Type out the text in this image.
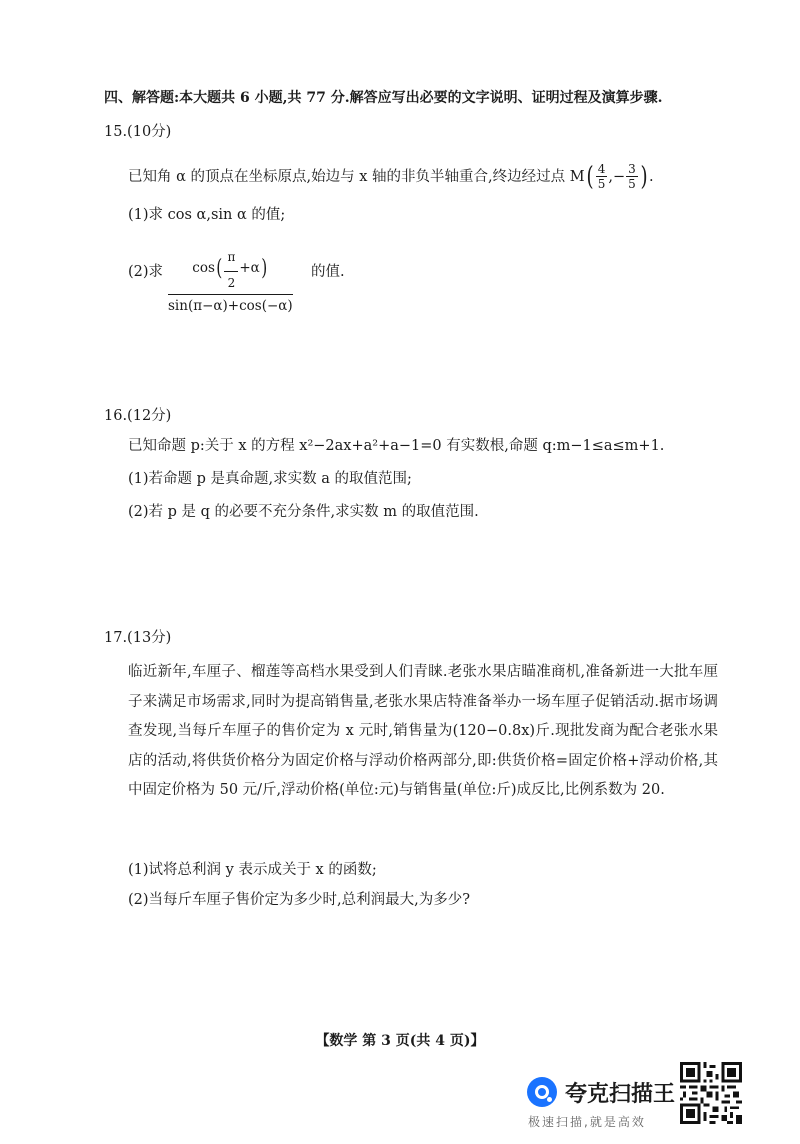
四、解答题:本大题共 6 小题,共 77 分.解答应写出必要的文字说明、证明过程及演算步骤.
15.(10分)
已知角 α 的顶点在坐标原点,始边与 x 轴的非负半轴重合,终边经过点 $M( \frac{4}{5}$ ,− $\frac{3}{5}$ ) .
(1)求 cos α,sin α 的值;
(2)求 $\frac{\cos( \frac{\pi}{2} +\alpha)}{\sin(\pi-\alpha)+\cos(-\alpha)}$ 的值.
16.(12分)
已知命题 p:关于 x 的方程 x²−2ax+a²+a−1=0 有实数根,命题 q:m−1≤a≤m+1.
(1)若命题 p 是真命题,求实数 a 的取值范围;
(2)若 p 是 q 的必要不充分条件,求实数 m 的取值范围.
17.(13分)
临近新年,车厘子、榴莲等高档水果受到人们青睐.老张水果店瞄准商机,准备新进一大批车厘子来满足市场需求,同时为提高销售量,老张水果店特准备举办一场车厘子促销活动.据市场调查发现,当每斤车厘子的售价定为 x 元时,销售量为(120−0.8x)斤.现批发商为配合老张水果店的活动,将供货价格分为固定价格与浮动价格两部分,即:供货价格=固定价格+浮动价格,其中固定价格为 50 元/斤,浮动价格(单位:元)与销售量(单位:斤)成反比,比例系数为 20.
(1)试将总利润 y 表示成关于 x 的函数;
(2)当每斤车厘子售价定为多少时,总利润最大,为多少?
【数学 第 3 页(共 4 页)】
夸克扫描王
极速扫描,就是高效
